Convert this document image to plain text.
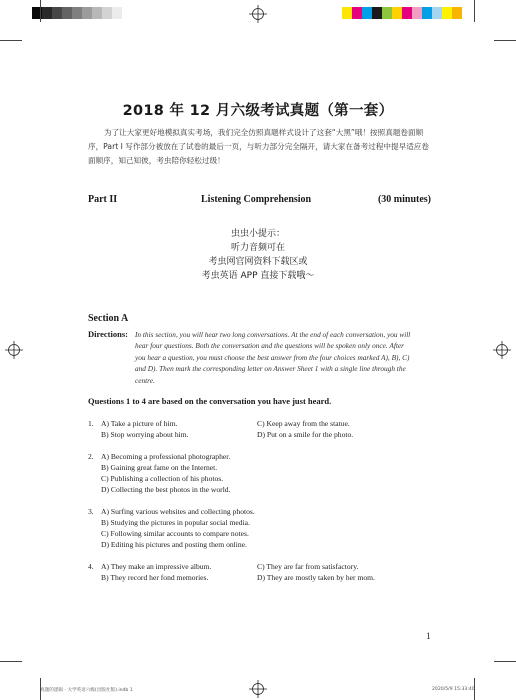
2018 年 12 月六级考试真题（第一套）
为了让大家更好地模拟真实考场，我们完全仿照真题样式设计了这套“大黑”哦！按照真题卷面顺序，Part I 写作部分被放在了试卷的最后一页，与听力部分完全隔开，请大家在备考过程中提早适应卷面顺序，知己知彼，考虫陪你轻松过级！
Part II	Listening Comprehension	(30 minutes)
虫虫小提示：
听力音频可在
考虫网官网资料下载区或
考虫英语 APP 直接下载哦～
Section A
Directions: In this section, you will hear two long conversations. At the end of each conversation, you will
hear four questions. Both the conversation and the questions will be spoken only once. After
you hear a question, you must choose the best answer from the four choices marked A), B), C)
and D). Then mark the corresponding letter on Answer Sheet 1 with a single line through the
centre.
Questions 1 to 4 are based on the conversation you have just heard.
1. A) Take a picture of him.
B) Stop worrying about him.
C) Keep away from the statue.
D) Put on a smile for the photo.
2. A) Becoming a professional photographer.
B) Gaining great fame on the Internet.
C) Publishing a collection of his photos.
D) Collecting the best photos in the world.
3. A) Surfing various websites and collecting photos.
B) Studying the pictures in popular social media.
C) Following similar accounts to compare notes.
D) Editing his pictures and posting them online.
4. A) They make an impressive album.
B) They record her fond memories.
C) They are far from satisfactory.
D) They are mostly taken by her mom.
1
真题的逻辑 · 大学英语六级(出版社版).indb 1	2020/5/9 15:33:40
